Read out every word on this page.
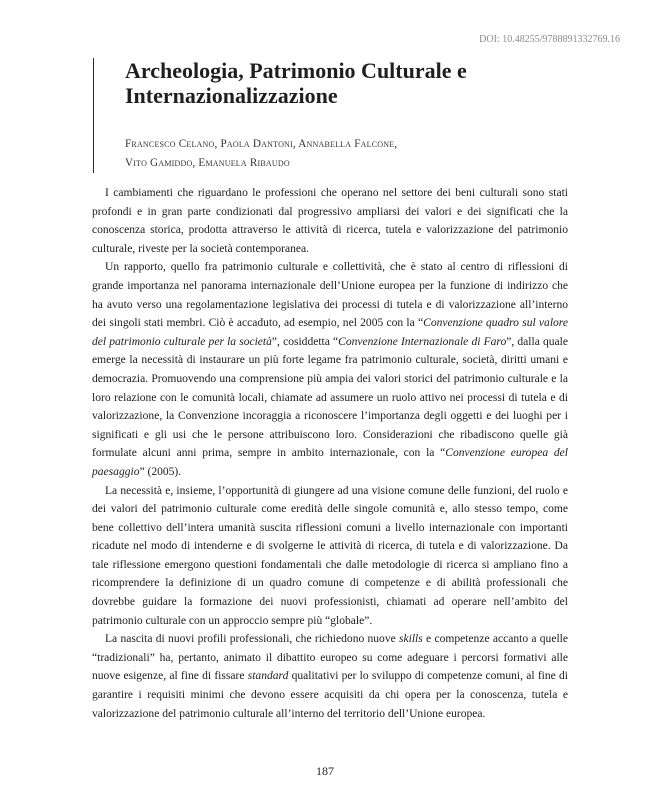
DOI: 10.48255/9788891332769.16
Archeologia, Patrimonio Culturale e
Internazionalizzazione
Francesco Celano, Paola Dantoni, Annabella Falcone,
Vito Gamiddo, Emanuela Ribaudo

I cambiamenti che riguardano le professioni che operano nel settore dei beni culturali sono stati profondi e in gran parte condizionati dal progressivo ampliarsi dei valori e dei significati che la conoscenza storica, prodotta attraverso le attività di ricerca, tutela e valorizzazione del patrimonio culturale, riveste per la società contemporanea.

Un rapporto, quello fra patrimonio culturale e collettività, che è stato al centro di riflessioni di grande importanza nel panorama internazionale dell’Unione europea per la funzione di indirizzo che ha avuto verso una regolamentazione legislativa dei processi di tutela e di valorizzazione all’interno dei singoli stati membri. Ciò è accaduto, ad esempio, nel 2005 con la “Convenzione quadro sul valore del patrimonio culturale per la società”, cosiddetta “Convenzione Internazionale di Faro”, dalla quale emerge la necessità di instaurare un più forte legame fra patrimonio culturale, società, diritti umani e democrazia. Promuovendo una comprensione più ampia dei valori storici del patrimonio culturale e la loro relazione con le comunità locali, chiamate ad assumere un ruolo attivo nei processi di tutela e di valorizzazione, la Convenzione incoraggia a riconoscere l’importanza degli oggetti e dei luoghi per i significati e gli usi che le persone attribuiscono loro. Considerazioni che ribadiscono quelle già formulate alcuni anni prima, sempre in ambito internazionale, con la “Convenzione europea del paesaggio” (2005).

La necessità e, insieme, l’opportunità di giungere ad una visione comune delle funzioni, del ruolo e dei valori del patrimonio culturale come eredità delle singole comunità e, allo stesso tempo, come bene collettivo dell’intera umanità suscita riflessioni comuni a livello internazionale con importanti ricadute nel modo di intenderne e di svolgerne le attività di ricerca, di tutela e di valorizzazione. Da tale riflessione emergono questioni fondamentali che dalle metodologie di ricerca si ampliano fino a ricomprendere la definizione di un quadro comune di competenze e di abilità professionali che dovrebbe guidare la formazione dei nuovi professionisti, chiamati ad operare nell’ambito del patrimonio culturale con un approccio sempre più “globale”.

La nascita di nuovi profili professionali, che richiedono nuove skills e competenze accanto a quelle “tradizionali” ha, pertanto, animato il dibattito europeo su come adeguare i percorsi formativi alle nuove esigenze, al fine di fissare standard qualitativi per lo sviluppo di competenze comuni, al fine di garantire i requisiti minimi che devono essere acquisiti da chi opera per la conoscenza, tutela e valorizzazione del patrimonio culturale all’interno del territorio dell’Unione europea.

187
